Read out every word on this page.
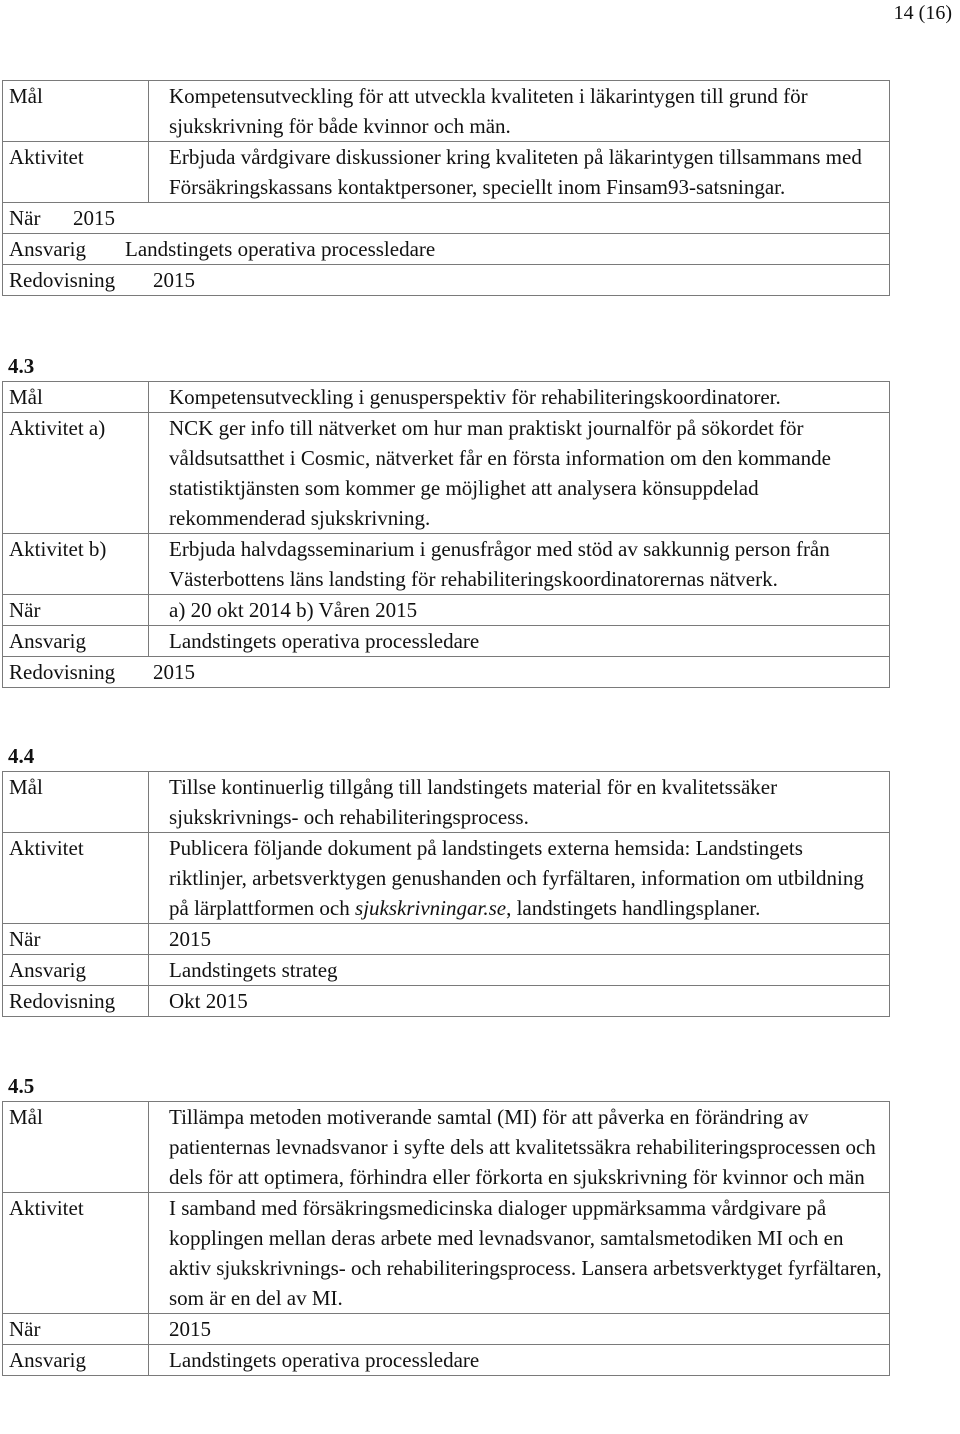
14 (16)
Mål	Kompetensutveckling för att utveckla kvaliteten i läkarintygen till grund för sjukskrivning för både kvinnor och män.
Aktivitet	Erbjuda vårdgivare diskussioner kring kvaliteten på läkarintygen tillsammans med Försäkringskassans kontaktpersoner, speciellt inom Finsam93-satsningar.
När 2015	
Ansvarig Landstingets operativa processledare	
Redovisning 2015	
4.3
Mål	Kompetensutveckling i genusperspektiv för rehabiliteringskoordinatorer.
Aktivitet a)	NCK ger info till nätverket om hur man praktiskt journalför på sökordet för våldsutsatthet i Cosmic, nätverket får en första information om den kommande statistiktjänsten som kommer ge möjlighet att analysera könsuppdelad rekommenderad sjukskrivning.
Aktivitet b)	Erbjuda halvdagsseminarium i genusfrågor med stöd av sakkunnig person från Västerbottens läns landsting för rehabiliteringskoordinatorernas nätverk.
När	a) 20 okt 2014 b) Våren 2015
Ansvarig	Landstingets operativa processledare
Redovisning 2015	
4.4
Mål	Tillse kontinuerlig tillgång till landstingets material för en kvalitetssäker sjukskrivnings- och rehabiliteringsprocess.
Aktivitet	Publicera följande dokument på landstingets externa hemsida: Landstingets riktlinjer, arbetsverktygen genushanden och fyrfältaren, information om utbildning på lärplattformen och sjukskrivningar.se, landstingets handlingsplaner.
När	2015
Ansvarig	Landstingets strateg
Redovisning	Okt 2015
4.5
Mål	Tillämpa metoden motiverande samtal (MI) för att påverka en förändring av patienternas levnadsvanor i syfte dels att kvalitetssäkra rehabiliteringsprocessen och dels för att optimera, förhindra eller förkorta en sjukskrivning för kvinnor och män
Aktivitet	I samband med försäkringsmedicinska dialoger uppmärksamma vårdgivare på kopplingen mellan deras arbete med levnadsvanor, samtalsmetodiken MI och en aktiv sjukskrivnings- och rehabiliteringsprocess. Lansera arbetsverktyget fyrfältaren, som är en del av MI.
När	2015
Ansvarig	Landstingets operativa processledare
